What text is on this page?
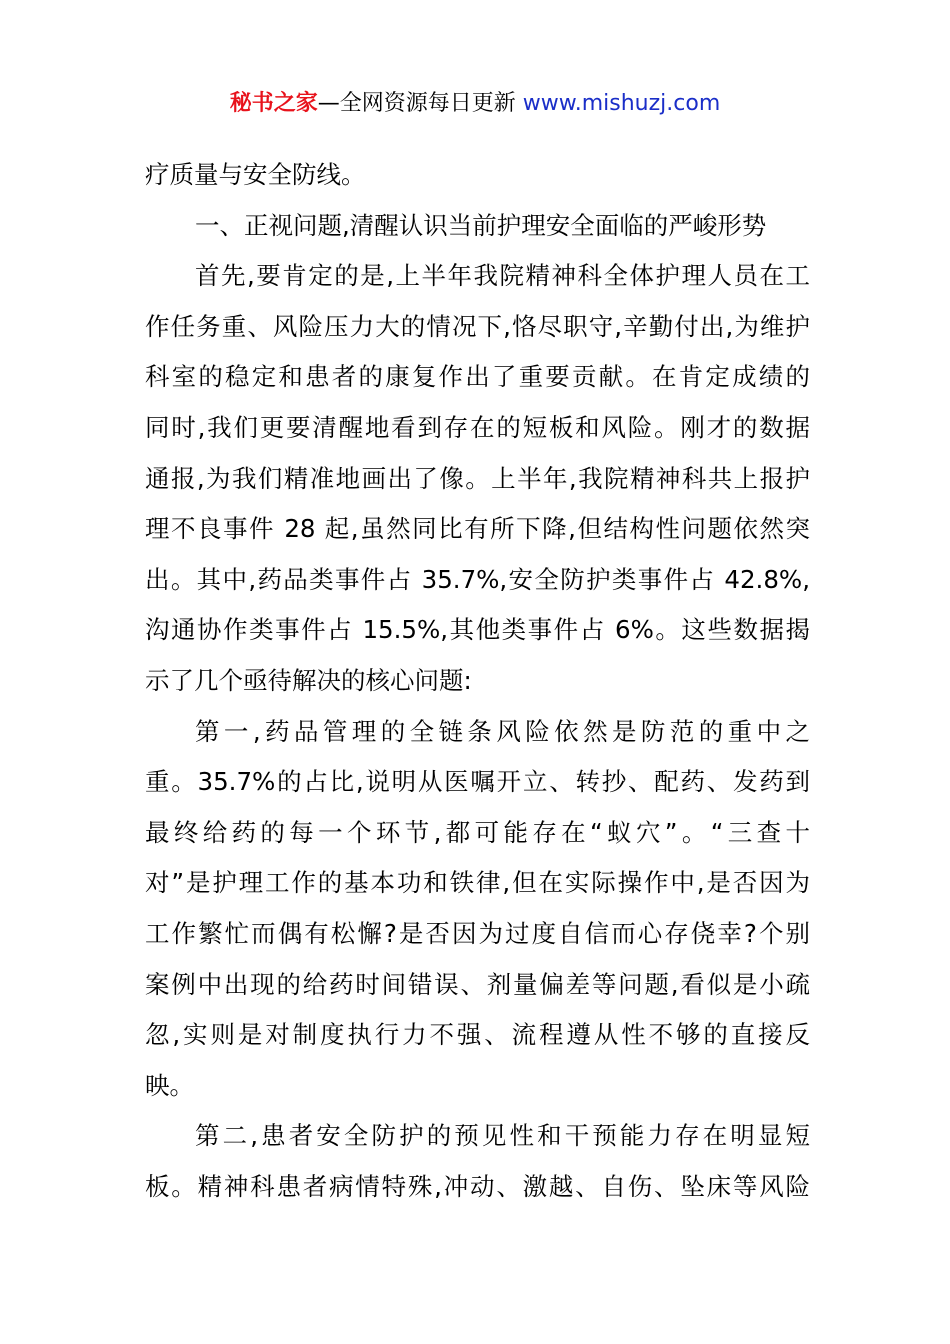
秘书之家—全网资源每日更新 www.mishuzj.com
疗质量与安全防线。
一、正视问题,清醒认识当前护理安全面临的严峻形势
首先,要肯定的是,上半年我院精神科全体护理人员在工
作任务重、风险压力大的情况下,恪尽职守,辛勤付出,为维护
科室的稳定和患者的康复作出了重要贡献。在肯定成绩的
同时,我们更要清醒地看到存在的短板和风险。刚才的数据
通报,为我们精准地画出了像。上半年,我院精神科共上报护
理不良事件 28 起,虽然同比有所下降,但结构性问题依然突
出。其中,药品类事件占 35.7%,安全防护类事件占 42.8%,
沟通协作类事件占 15.5%,其他类事件占 6%。这些数据揭
示了几个亟待解决的核心问题:
第一,药品管理的全链条风险依然是防范的重中之
重。35.7%的占比,说明从医嘱开立、转抄、配药、发药到
最终给药的每一个环节,都可能存在“蚁穴”。“三查十
对”是护理工作的基本功和铁律,但在实际操作中,是否因为
工作繁忙而偶有松懈?是否因为过度自信而心存侥幸?个别
案例中出现的给药时间错误、剂量偏差等问题,看似是小疏
忽,实则是对制度执行力不强、流程遵从性不够的直接反
映。
第二,患者安全防护的预见性和干预能力存在明显短
板。精神科患者病情特殊,冲动、激越、自伤、坠床等风险
